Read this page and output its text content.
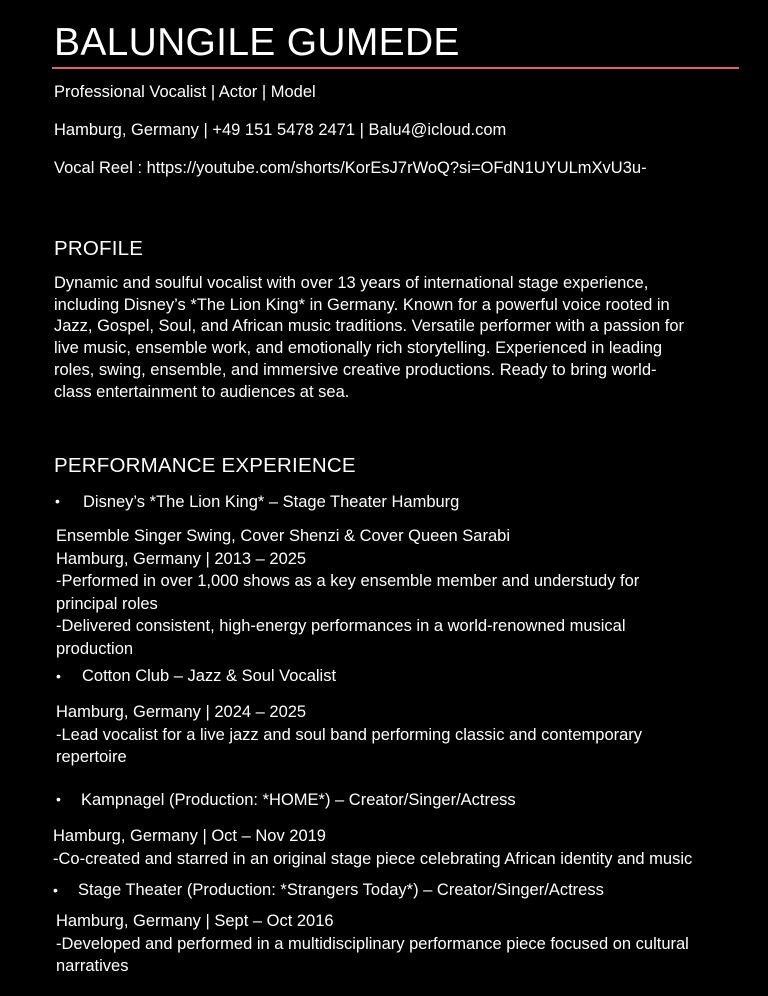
BALUNGILE GUMEDE
Professional Vocalist | Actor | Model
Hamburg, Germany | +49 151 5478 2471 | Balu4@icloud.com
Vocal Reel : https://youtube.com/shorts/KorEsJ7rWoQ?si=OFdN1UYULmXvU3u-
PROFILE
Dynamic and soulful vocalist with over 13 years of international stage experience,
including Disney’s *The Lion King* in Germany. Known for a powerful voice rooted in
Jazz, Gospel, Soul, and African music traditions. Versatile performer with a passion for
live music, ensemble work, and emotionally rich storytelling. Experienced in leading
roles, swing, ensemble, and immersive creative productions. Ready to bring world-
class entertainment to audiences at sea.
PERFORMANCE EXPERIENCE
• Disney’s *The Lion King* – Stage Theater Hamburg
Ensemble Singer Swing, Cover Shenzi & Cover Queen Sarabi
Hamburg, Germany | 2013 – 2025
-Performed in over 1,000 shows as a key ensemble member and understudy for
principal roles
-Delivered consistent, high-energy performances in a world-renowned musical
production
• Cotton Club – Jazz & Soul Vocalist
Hamburg, Germany | 2024 – 2025
-Lead vocalist for a live jazz and soul band performing classic and contemporary
repertoire
• Kampnagel (Production: *HOME*) – Creator/Singer/Actress
Hamburg, Germany | Oct – Nov 2019
-Co-created and starred in an original stage piece celebrating African identity and music
• Stage Theater (Production: *Strangers Today*) – Creator/Singer/Actress
Hamburg, Germany | Sept – Oct 2016
-Developed and performed in a multidisciplinary performance piece focused on cultural
narratives
